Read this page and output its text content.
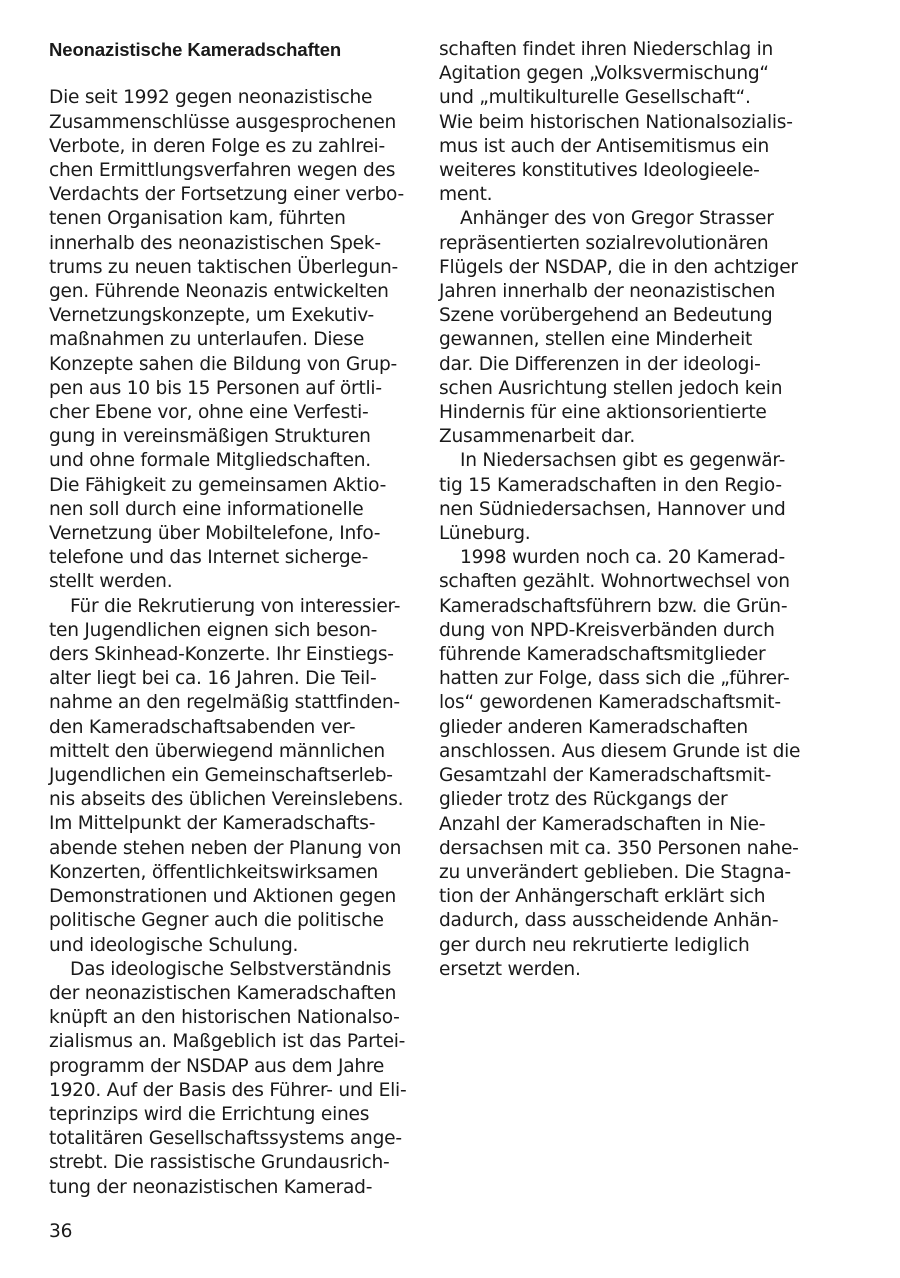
Neonazistische Kameradschaften
Die seit 1992 gegen neonazistische
Zusammenschlüsse ausgesprochenen
Verbote, in deren Folge es zu zahlrei-
chen Ermittlungsverfahren wegen des
Verdachts der Fortsetzung einer verbo-
tenen Organisation kam, führten
innerhalb des neonazistischen Spek-
trums zu neuen taktischen Überlegun-
gen. Führende Neonazis entwickelten
Vernetzungskonzepte, um Exekutiv-
maßnahmen zu unterlaufen. Diese
Konzepte sahen die Bildung von Grup-
pen aus 10 bis 15 Personen auf örtli-
cher Ebene vor, ohne eine Verfesti-
gung in vereinsmäßigen Strukturen
und ohne formale Mitgliedschaften.
Die Fähigkeit zu gemeinsamen Aktio-
nen soll durch eine informationelle
Vernetzung über Mobiltelefone, Info-
telefone und das Internet sicherge-
stellt werden.
Für die Rekrutierung von interessier-
ten Jugendlichen eignen sich beson-
ders Skinhead-Konzerte. Ihr Einstiegs-
alter liegt bei ca. 16 Jahren. Die Teil-
nahme an den regelmäßig stattfinden-
den Kameradschaftsabenden ver-
mittelt den überwiegend männlichen
Jugendlichen ein Gemeinschaftserleb-
nis abseits des üblichen Vereinslebens.
Im Mittelpunkt der Kameradschafts-
abende stehen neben der Planung von
Konzerten, öffentlichkeitswirksamen
Demonstrationen und Aktionen gegen
politische Gegner auch die politische
und ideologische Schulung.
Das ideologische Selbstverständnis
der neonazistischen Kameradschaften
knüpft an den historischen Nationalso-
zialismus an. Maßgeblich ist das Partei-
programm der NSDAP aus dem Jahre
1920. Auf der Basis des Führer- und Eli-
teprinzips wird die Errichtung eines
totalitären Gesellschaftssystems ange-
strebt. Die rassistische Grundausrich-
tung der neonazistischen Kamerad-
schaften findet ihren Niederschlag in
Agitation gegen „Volksvermischung“
und „multikulturelle Gesellschaft“.
Wie beim historischen Nationalsozialis-
mus ist auch der Antisemitismus ein
weiteres konstitutives Ideologieele-
ment.
Anhänger des von Gregor Strasser
repräsentierten sozialrevolutionären
Flügels der NSDAP, die in den achtziger
Jahren innerhalb der neonazistischen
Szene vorübergehend an Bedeutung
gewannen, stellen eine Minderheit
dar. Die Differenzen in der ideologi-
schen Ausrichtung stellen jedoch kein
Hindernis für eine aktionsorientierte
Zusammenarbeit dar.
In Niedersachsen gibt es gegenwär-
tig 15 Kameradschaften in den Regio-
nen Südniedersachsen, Hannover und
Lüneburg.
1998 wurden noch ca. 20 Kamerad-
schaften gezählt. Wohnortwechsel von
Kameradschaftsführern bzw. die Grün-
dung von NPD-Kreisverbänden durch
führende Kameradschaftsmitglieder
hatten zur Folge, dass sich die „führer-
los“ gewordenen Kameradschaftsmit-
glieder anderen Kameradschaften
anschlossen. Aus diesem Grunde ist die
Gesamtzahl der Kameradschaftsmit-
glieder trotz des Rückgangs der
Anzahl der Kameradschaften in Nie-
dersachsen mit ca. 350 Personen nahe-
zu unverändert geblieben. Die Stagna-
tion der Anhängerschaft erklärt sich
dadurch, dass ausscheidende Anhän-
ger durch neu rekrutierte lediglich
ersetzt werden.
36
